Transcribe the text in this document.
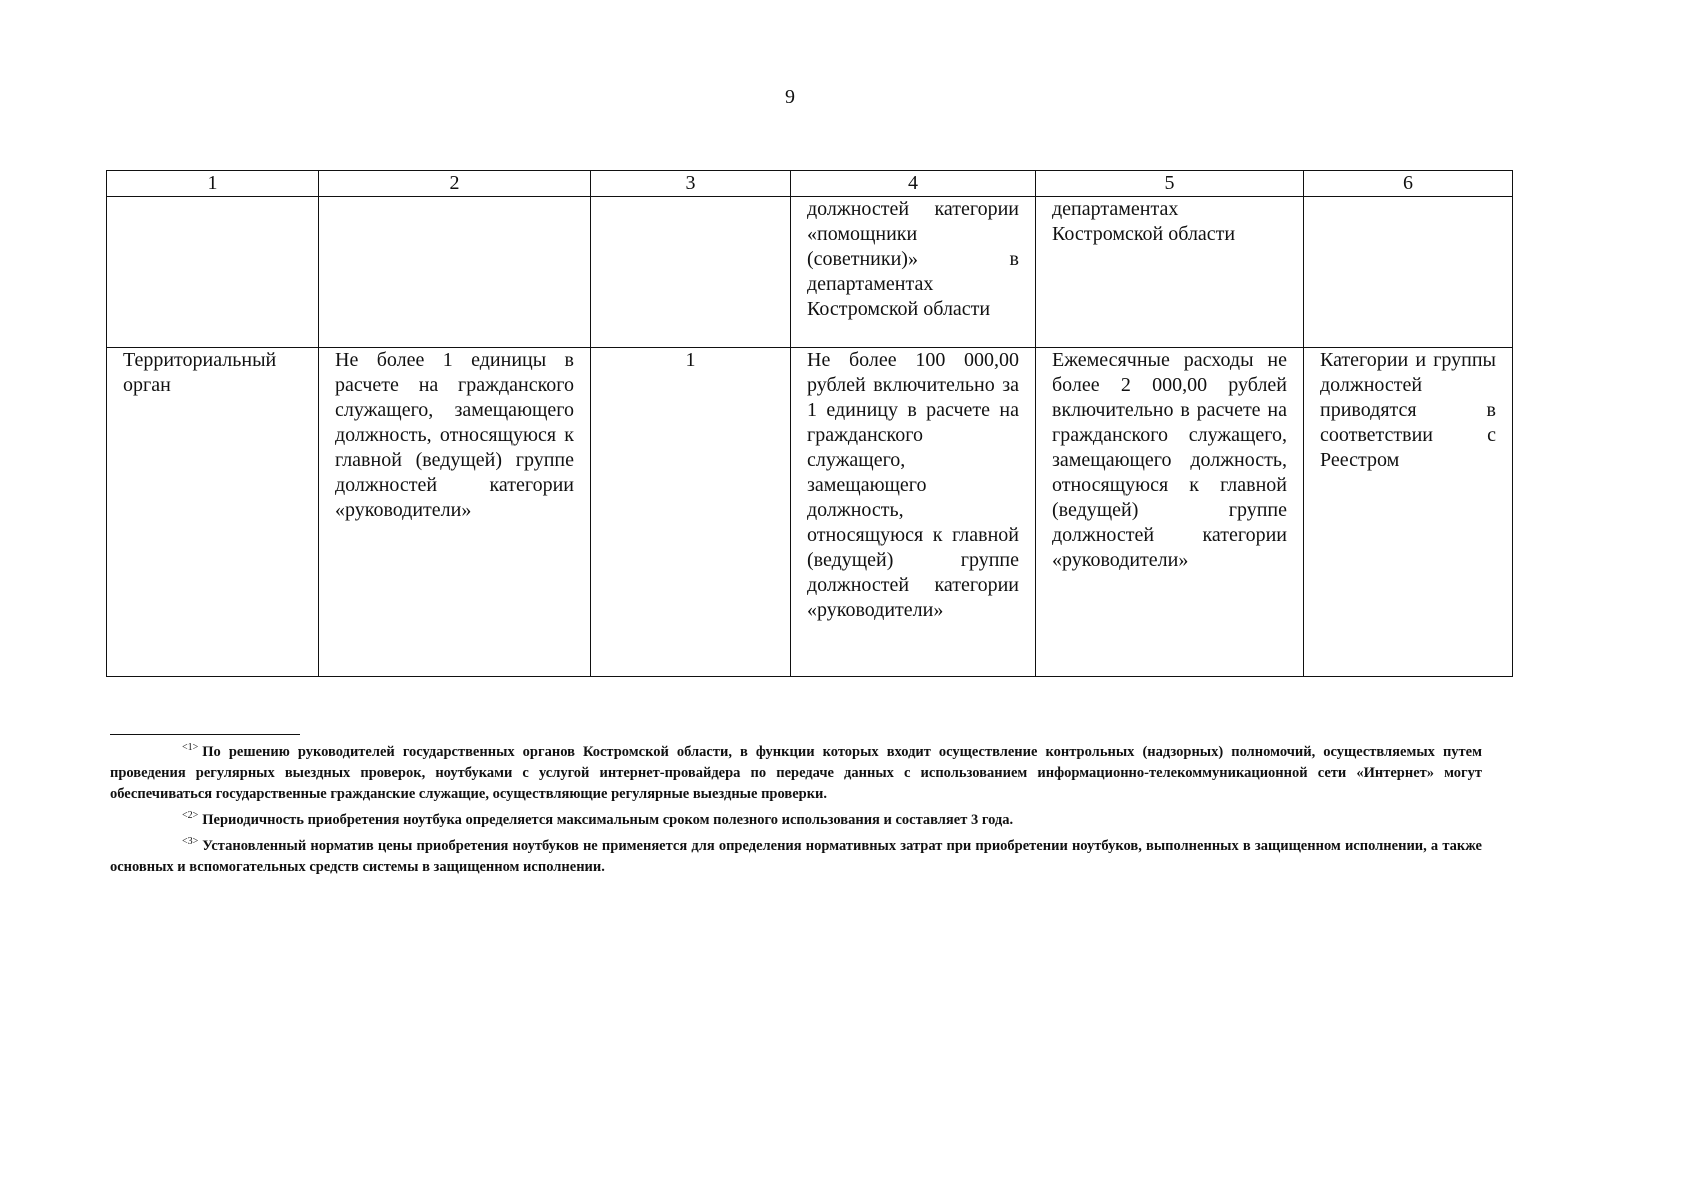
9
1	2	3	4	5	6
			должностей категории «помощники (советники)» в департаментах Костромской области	департаментах Костромской области	
Территориальный орган	Не более 1 единицы в расчете на гражданского служащего, замещающего должность, относящуюся к главной (ведущей) группе должностей категории «руководители»	1	Не более 100 000,00 рублей включительно за 1 единицу в расчете на гражданского служащего, замещающего должность, относящуюся к главной (ведущей) группе должностей категории «руководители»	Ежемесячные расходы не более 2 000,00 рублей включительно в расчете на гражданского служащего, замещающего должность, относящуюся к главной (ведущей) группе должностей категории «руководители»	Категории и группы должностей приводятся в соответствии с Реестром

$^{<1>}$ По решению руководителей государственных органов Костромской области, в функции которых входит осуществление контрольных (надзорных) полномочий, осуществляемых путем проведения регулярных выездных проверок, ноутбуками с услугой интернет-провайдера по передаче данных с использованием информационно-телекоммуникационной сети «Интернет» могут обеспечиваться государственные гражданские служащие, осуществляющие регулярные выездные проверки.

$^{<2>}$ Периодичность приобретения ноутбука определяется максимальным сроком полезного использования и составляет 3 года.

$^{<3>}$ Установленный норматив цены приобретения ноутбуков не применяется для определения нормативных затрат при приобретении ноутбуков, выполненных в защищенном исполнении, а также основных и вспомогательных средств системы в защищенном исполнении.
